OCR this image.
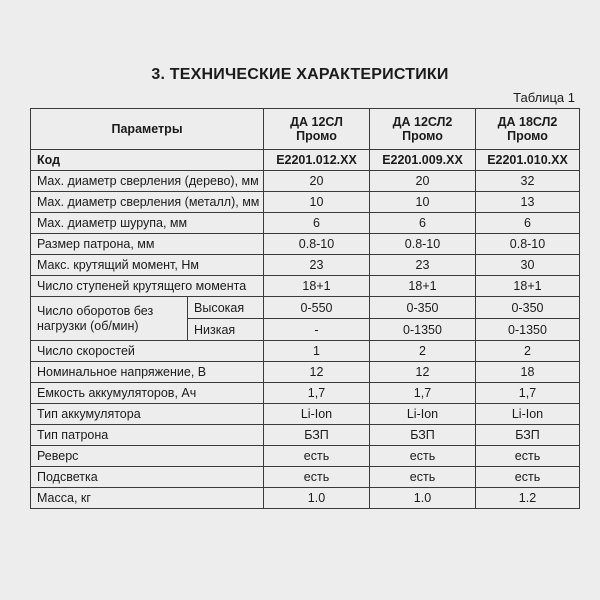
3. ТЕХНИЧЕСКИЕ ХАРАКТЕРИСТИКИ
Таблица 1
Параметры		ДА 12СЛ Промо	ДА 12СЛ2 Промо	ДА 18СЛ2 Промо
Код		E2201.012.XX	E2201.009.XX	E2201.010.XX
Max. диаметр сверления (дерево), мм		20	20	32
Max. диаметр сверления (металл), мм		10	10	13
Max. диаметр шурупа, мм		6	6	6
Размер патрона, мм		0.8-10	0.8-10	0.8-10
Макс. крутящий момент, Нм		23	23	30
Число ступеней крутящего момента		18+1	18+1	18+1
Число оборотов без нагрузки (об/мин)	Высокая	0-550	0-350	0-350
	Низкая	-	0-1350	0-1350
Число скоростей		1	2	2
Номинальное напряжение, В		12	12	18
Емкость аккумуляторов, Ач		1,7	1,7	1,7
Тип аккумулятора		Li-Ion	Li-Ion	Li-Ion
Тип патрона		БЗП	БЗП	БЗП
Реверс		есть	есть	есть
Подсветка		есть	есть	есть
Масса, кг		1.0	1.0	1.2
